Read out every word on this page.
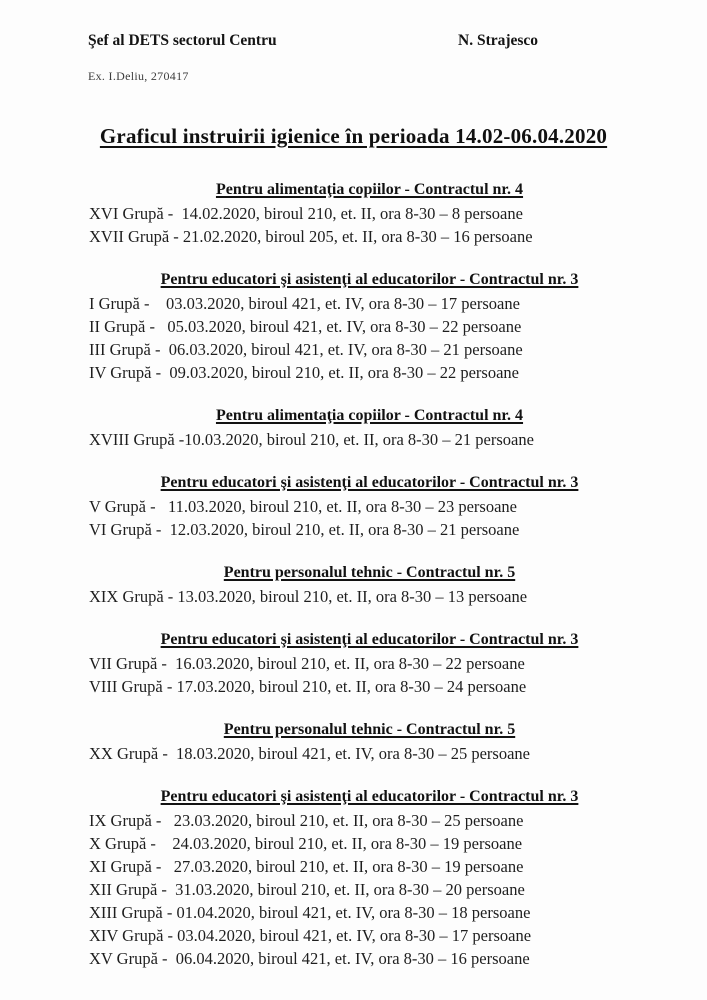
Şef al DETS sectorul Centru	N. Strajesco
Ex. I.Deliu, 270417
Graficul instruirii igienice în perioada 14.02-06.04.2020
Pentru alimentaţia copiilor - Contractul nr. 4
XVI Grupă -  14.02.2020, biroul 210, et. II, ora 8-30 – 8 persoane
XVII Grupă - 21.02.2020, biroul 205, et. II, ora 8-30 – 16 persoane
Pentru educatori şi asistenţi al educatorilor - Contractul nr. 3
I Grupă -    03.03.2020, biroul 421, et. IV, ora 8-30 – 17 persoane
II Grupă -   05.03.2020, biroul 421, et. IV, ora 8-30 – 22 persoane
III Grupă -  06.03.2020, biroul 421, et. IV, ora 8-30 – 21 persoane
IV Grupă -  09.03.2020, biroul 210, et. II, ora 8-30 – 22 persoane
Pentru alimentaţia copiilor - Contractul nr. 4
XVIII Grupă -10.03.2020, biroul 210, et. II, ora 8-30 – 21 persoane
Pentru educatori şi asistenţi al educatorilor - Contractul nr. 3
V Grupă -   11.03.2020, biroul 210, et. II, ora 8-30 – 23 persoane
VI Grupă -  12.03.2020, biroul 210, et. II, ora 8-30 – 21 persoane
Pentru personalul tehnic - Contractul nr. 5
XIX Grupă - 13.03.2020, biroul 210, et. II, ora 8-30 – 13 persoane
Pentru educatori şi asistenţi al educatorilor - Contractul nr. 3
VII Grupă -  16.03.2020, biroul 210, et. II, ora 8-30 – 22 persoane
VIII Grupă - 17.03.2020, biroul 210, et. II, ora 8-30 – 24 persoane
Pentru personalul tehnic - Contractul nr. 5
XX Grupă -  18.03.2020, biroul 421, et. IV, ora 8-30 – 25 persoane
Pentru educatori şi asistenţi al educatorilor - Contractul nr. 3
IX Grupă -   23.03.2020, biroul 210, et. II, ora 8-30 – 25 persoane
X Grupă -    24.03.2020, biroul 210, et. II, ora 8-30 – 19 persoane
XI Grupă -   27.03.2020, biroul 210, et. II, ora 8-30 – 19 persoane
XII Grupă -  31.03.2020, biroul 210, et. II, ora 8-30 – 20 persoane
XIII Grupă - 01.04.2020, biroul 421, et. IV, ora 8-30 – 18 persoane
XIV Grupă - 03.04.2020, biroul 421, et. IV, ora 8-30 – 17 persoane
XV Grupă -  06.04.2020, biroul 421, et. IV, ora 8-30 – 16 persoane
